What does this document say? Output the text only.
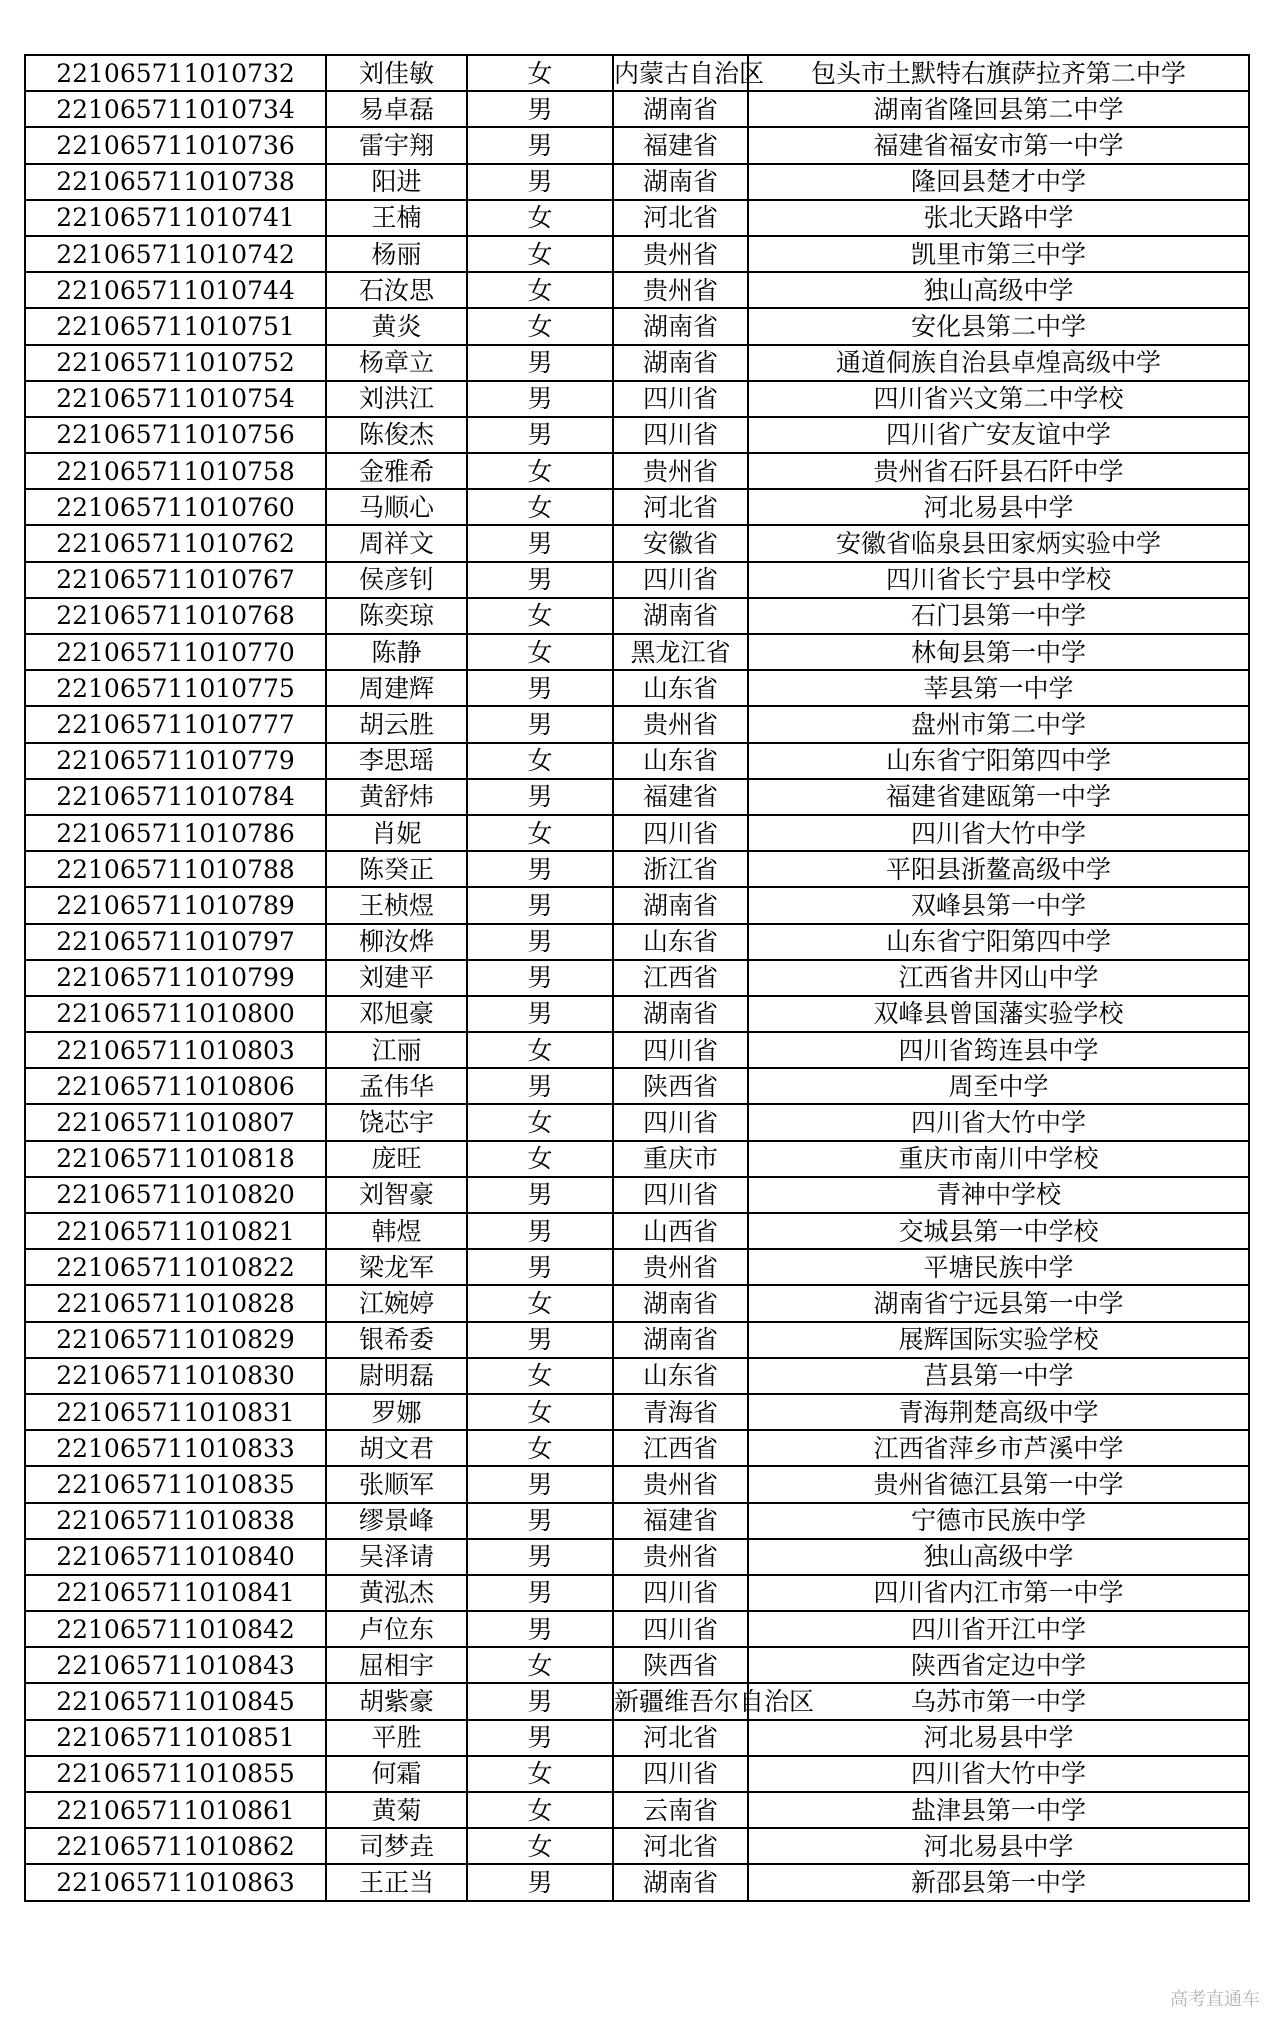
221065711010732	刘佳敏	女	内蒙古自治区	包头市土默特右旗萨拉齐第二中学
221065711010734	易卓磊	男	湖南省	湖南省隆回县第二中学
221065711010736	雷宇翔	男	福建省	福建省福安市第一中学
221065711010738	阳进	男	湖南省	隆回县楚才中学
221065711010741	王楠	女	河北省	张北天路中学
221065711010742	杨丽	女	贵州省	凯里市第三中学
221065711010744	石汝思	女	贵州省	独山高级中学
221065711010751	黄炎	女	湖南省	安化县第二中学
221065711010752	杨章立	男	湖南省	通道侗族自治县卓煌高级中学
221065711010754	刘洪江	男	四川省	四川省兴文第二中学校
221065711010756	陈俊杰	男	四川省	四川省广安友谊中学
221065711010758	金雅希	女	贵州省	贵州省石阡县石阡中学
221065711010760	马顺心	女	河北省	河北易县中学
221065711010762	周祥文	男	安徽省	安徽省临泉县田家炳实验中学
221065711010767	侯彦钊	男	四川省	四川省长宁县中学校
221065711010768	陈奕琼	女	湖南省	石门县第一中学
221065711010770	陈静	女	黑龙江省	林甸县第一中学
221065711010775	周建辉	男	山东省	莘县第一中学
221065711010777	胡云胜	男	贵州省	盘州市第二中学
221065711010779	李思瑶	女	山东省	山东省宁阳第四中学
221065711010784	黄舒炜	男	福建省	福建省建瓯第一中学
221065711010786	肖妮	女	四川省	四川省大竹中学
221065711010788	陈癸正	男	浙江省	平阳县浙鳌高级中学
221065711010789	王桢煜	男	湖南省	双峰县第一中学
221065711010797	柳汝烨	男	山东省	山东省宁阳第四中学
221065711010799	刘建平	男	江西省	江西省井冈山中学
221065711010800	邓旭豪	男	湖南省	双峰县曾国藩实验学校
221065711010803	江丽	女	四川省	四川省筠连县中学
221065711010806	孟伟华	男	陕西省	周至中学
221065711010807	饶芯宇	女	四川省	四川省大竹中学
221065711010818	庞旺	女	重庆市	重庆市南川中学校
221065711010820	刘智豪	男	四川省	青神中学校
221065711010821	韩煜	男	山西省	交城县第一中学校
221065711010822	梁龙军	男	贵州省	平塘民族中学
221065711010828	江婉婷	女	湖南省	湖南省宁远县第一中学
221065711010829	银希委	男	湖南省	展辉国际实验学校
221065711010830	尉明磊	女	山东省	莒县第一中学
221065711010831	罗娜	女	青海省	青海荆楚高级中学
221065711010833	胡文君	女	江西省	江西省萍乡市芦溪中学
221065711010835	张顺军	男	贵州省	贵州省德江县第一中学
221065711010838	缪景峰	男	福建省	宁德市民族中学
221065711010840	吴泽请	男	贵州省	独山高级中学
221065711010841	黄泓杰	男	四川省	四川省内江市第一中学
221065711010842	卢位东	男	四川省	四川省开江中学
221065711010843	屈相宇	女	陕西省	陕西省定边中学
221065711010845	胡紫豪	男	新疆维吾尔自治区	乌苏市第一中学
221065711010851	平胜	男	河北省	河北易县中学
221065711010855	何霜	女	四川省	四川省大竹中学
221065711010861	黄菊	女	云南省	盐津县第一中学
221065711010862	司梦垚	女	河北省	河北易县中学
221065711010863	王正当	男	湖南省	新邵县第一中学
高考直通车
